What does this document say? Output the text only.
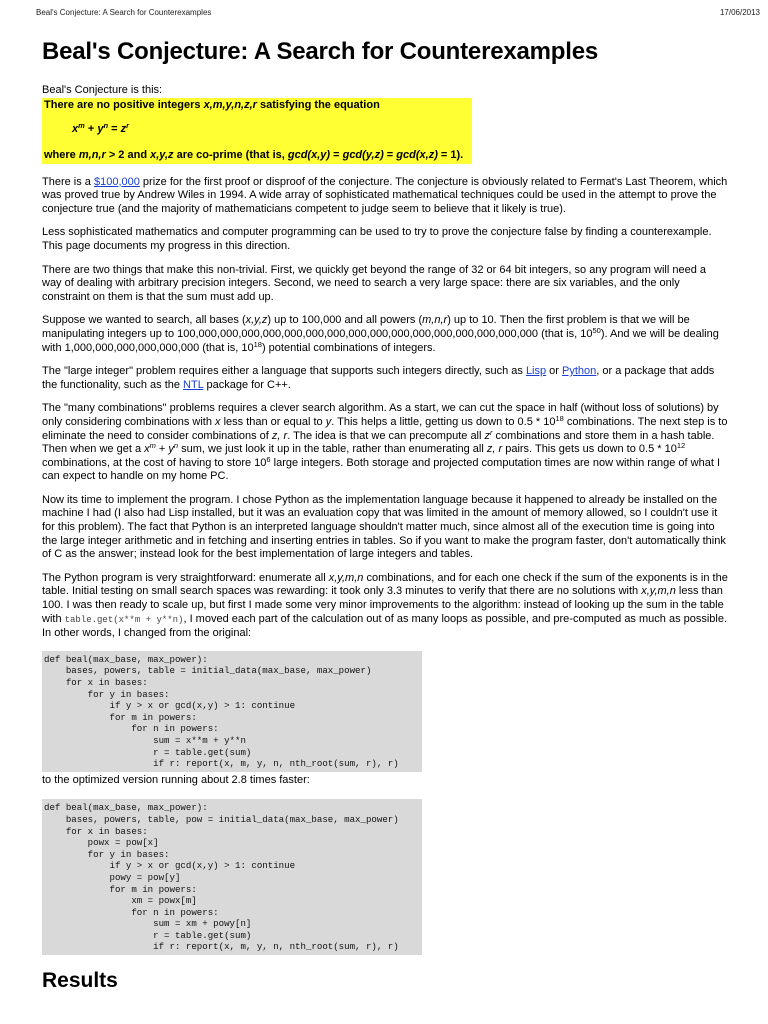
Beal's Conjecture: A Search for Counterexamples	17/06/2013
Beal's Conjecture: A Search for Counterexamples

Beal's Conjecture is this:

There are no positive integers x,m,y,n,z,r satisfying the equation
$x^m + y^n = z^r$
where m,n,r > 2 and x,y,z are co-prime (that is, gcd(x,y) = gcd(y,z) = gcd(x,z) = 1).

There is a $100,000 prize for the first proof or disproof of the conjecture. The conjecture is obviously related to Fermat's Last Theorem, which was proved true by Andrew Wiles in 1994. A wide array of sophisticated mathematical techniques could be used in the attempt to prove the conjecture true (and the majority of mathematicians competent to judge seem to believe that it likely is true).

Less sophisticated mathematics and computer programming can be used to try to prove the conjecture false by finding a counterexample. This page documents my progress in this direction.

There are two things that make this non-trivial. First, we quickly get beyond the range of 32 or 64 bit integers, so any program will need a way of dealing with arbitrary precision integers. Second, we need to search a very large space: there are six variables, and the only constraint on them is that the sum must add up.

Suppose we wanted to search, all bases (x,y,z) up to 100,000 and all powers (m,n,r) up to 10. Then the first problem is that we will be manipulating integers up to 100,000,000,000,000,000,000,000,000,000,000,000,000,000,000,000,000 (that is, $10^{50}$). And we will be dealing with 1,000,000,000,000,000,000 (that is, $10^{18}$) potential combinations of integers.

The "large integer" problem requires either a language that supports such integers directly, such as Lisp or Python, or a package that adds the functionality, such as the NTL package for C++.

The "many combinations" problems requires a clever search algorithm. As a start, we can cut the space in half (without loss of solutions) by only considering combinations with x less than or equal to y. This helps a little, getting us down to $0.5 * 10^{18}$ combinations. The next step is to eliminate the need to consider combinations of z, r. The idea is that we can precompute all $z^r$ combinations and store them in a hash table. Then when we get a $x^m + y^n$ sum, we just look it up in the table, rather than enumerating all z, r pairs. This gets us down to $0.5 * 10^{12}$ combinations, at the cost of having to store $10^6$ large integers. Both storage and projected computation times are now within range of what I can expect to handle on my home PC.

Now its time to implement the program. I chose Python as the implementation language because it happened to already be installed on the machine I had (I also had Lisp installed, but it was an evaluation copy that was limited in the amount of memory allowed, so I couldn't use it for this problem). The fact that Python is an interpreted language shouldn't matter much, since almost all of the execution time is going into the large integer arithmetic and in fetching and inserting entries in tables. So if you want to make the program faster, don't automatically think of C as the answer; instead look for the best implementation of large integers and tables.

The Python program is very straightforward: enumerate all x,y,m,n combinations, and for each one check if the sum of the exponents is in the table. Initial testing on small search spaces was rewarding: it took only 3.3 minutes to verify that there are no solutions with x,y,m,n less than 100. I was then ready to scale up, but first I made some very minor improvements to the algorithm: instead of looking up the sum in the table with table.get(x**m + y**n), I moved each part of the calculation out of as many loops as possible, and pre-computed as much as possible. In other words, I changed from the original:

def beal(max_base, max_power):
bases, powers, table = initial_data(max_base, max_power)
for x in bases:
for y in bases:
if y > x or gcd(x,y) > 1: continue
for m in powers:
for n in powers:
sum = x**m + y**n
r = table.get(sum)
if r: report(x, m, y, n, nth_root(sum, r), r)

to the optimized version running about 2.8 times faster:

def beal(max_base, max_power):
bases, powers, table, pow = initial_data(max_base, max_power)
for x in bases:
powx = pow[x]
for y in bases:
if y > x or gcd(x,y) > 1: continue
powy = pow[y]
for m in powers:
xm = powx[m]
for n in powers:
sum = xm + powy[n]
r = table.get(sum)
if r: report(x, m, y, n, nth_root(sum, r), r)
Results
